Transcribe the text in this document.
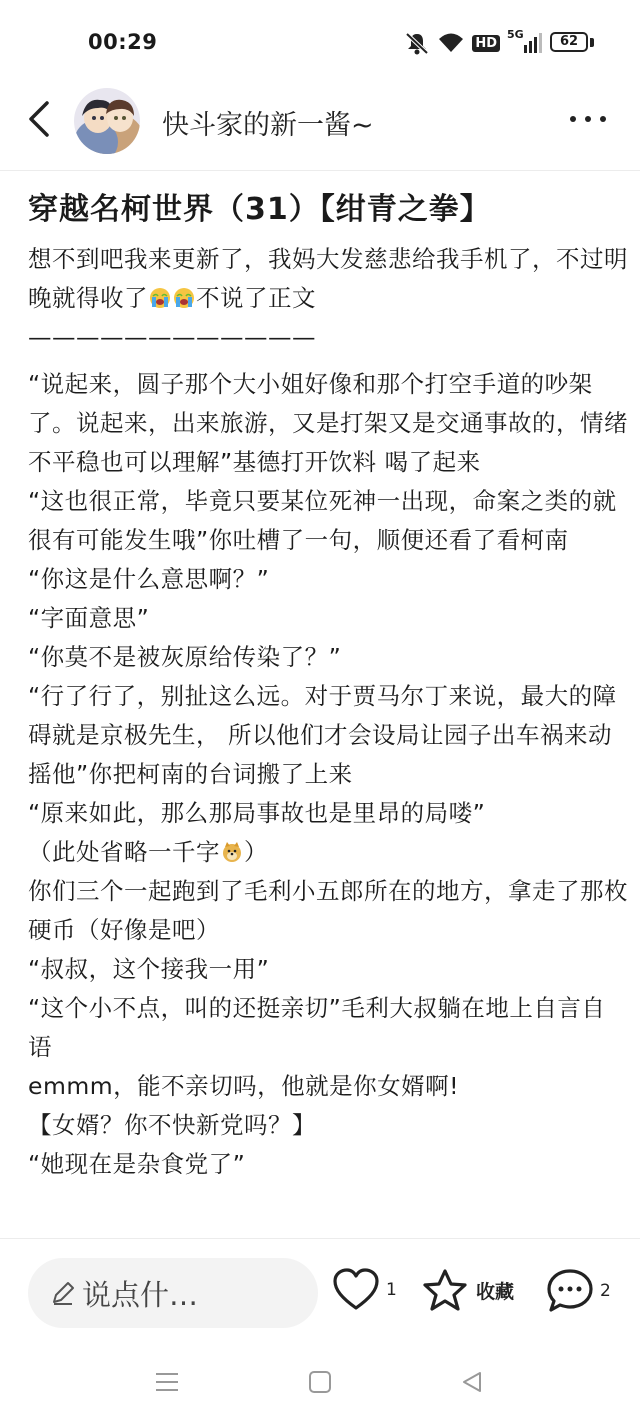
00:29	HD
5G	62
快斗家的新一酱~
穿越名柯世界（31）【绀青之拳】

想不到吧我来更新了，我妈大发慈悲给我手机了，不过明晚就得收了 不说了正文

————————————

“说起来，圆子那个大小姐好像和那个打空手道的吵架了。说起来，出来旅游，又是打架又是交通事故的，情绪不平稳也可以理解”基德打开饮料 喝了起来

“这也很正常，毕竟只要某位死神一出现，命案之类的就很有可能发生哦”你吐槽了一句，顺便还看了看柯南

“你这是什么意思啊？”

“字面意思”

“你莫不是被灰原给传染了？”

“行了行了，别扯这么远。对于贾马尔丁来说，最大的障碍就是京极先生， 所以他们才会设局让园子出车祸来动摇他”你把柯南的台词搬了上来

“原来如此，那么那局事故也是里昂的局喽”

（此处省略一千字 ）

你们三个一起跑到了毛利小五郎所在的地方，拿走了那枚硬币（好像是吧）

“叔叔，这个接我一用”

“这个小不点，叫的还挺亲切”毛利大叔躺在地上自言自语

emmm，能不亲切吗，他就是你女婿啊!

【女婿？你不快新党吗？】

“她现在是杂食党了”

说点什…	1	收藏	2
